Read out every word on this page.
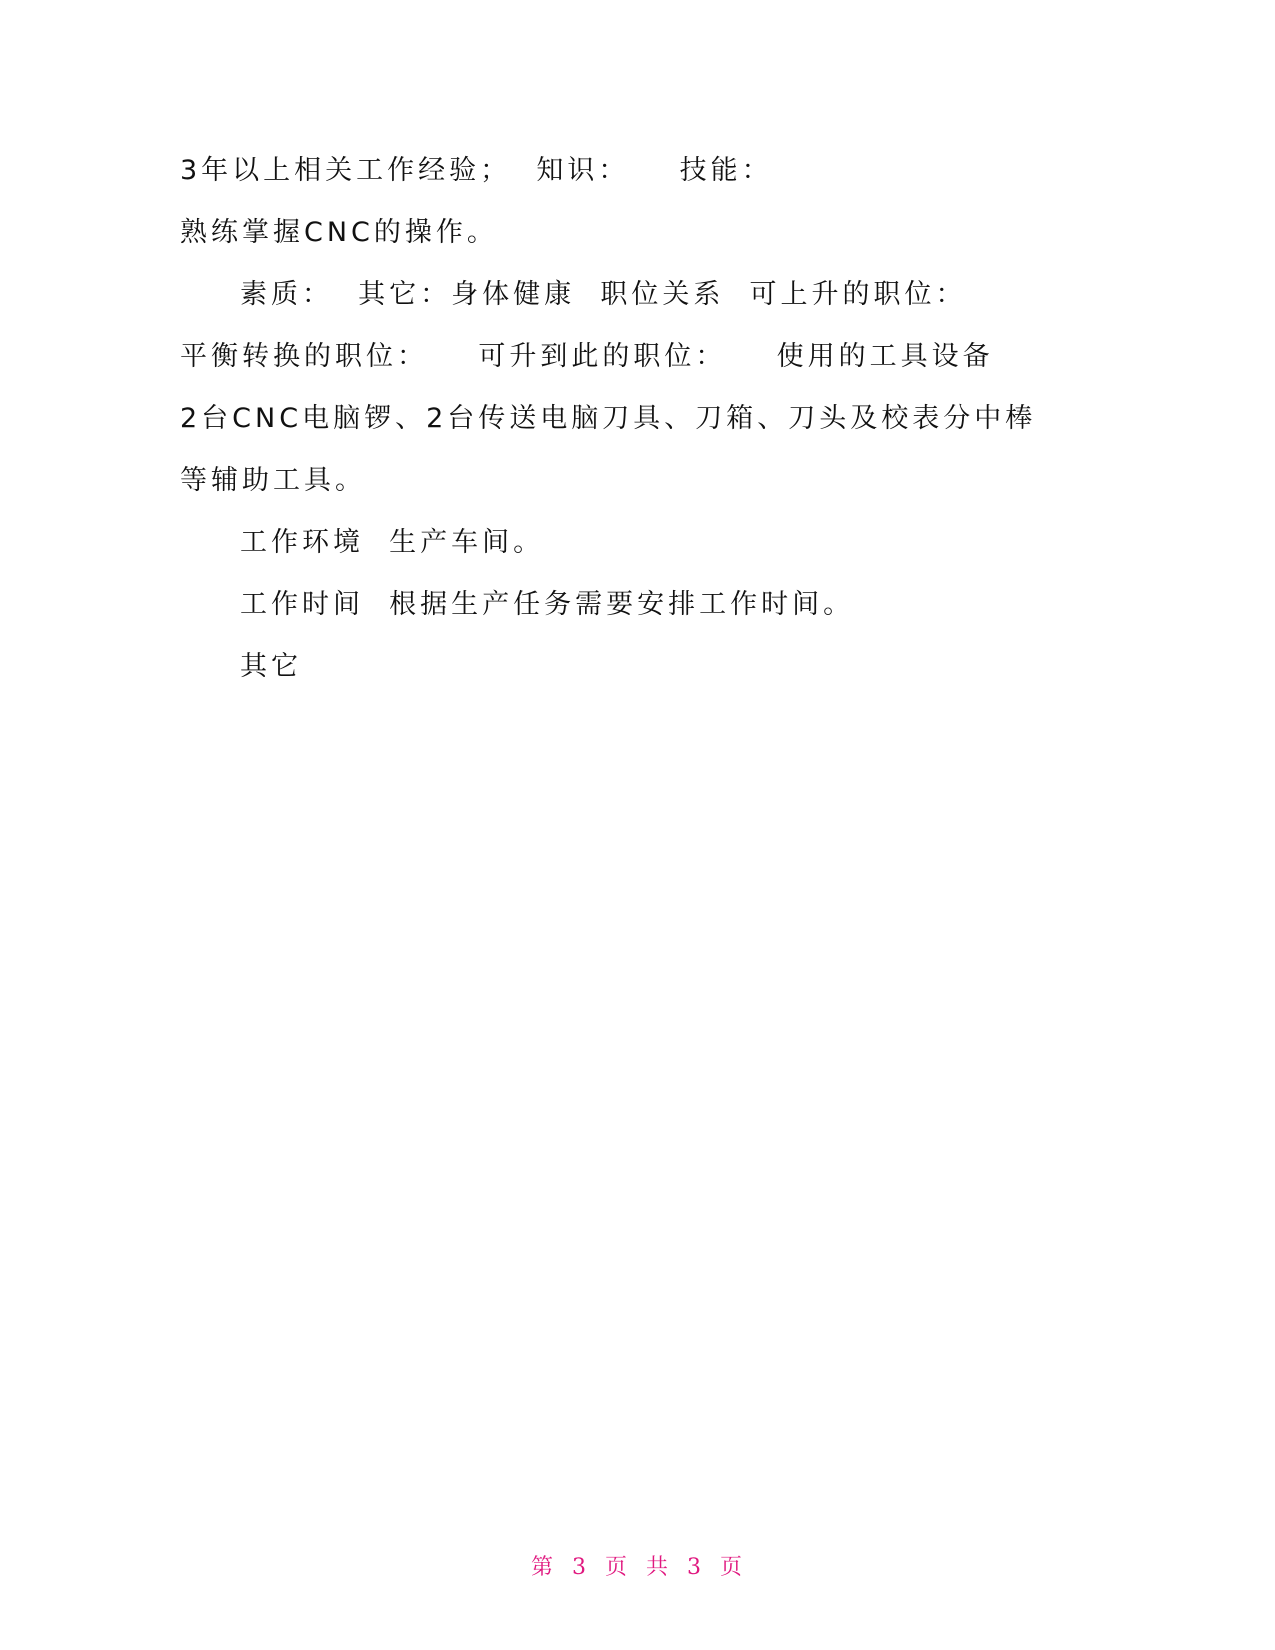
3年以上相关工作经验；  知识：    技能：
熟练掌握CNC的操作。
素质：  其它：身体健康  职位关系  可上升的职位：
平衡转换的职位：    可升到此的职位：    使用的工具设备
2台CNC电脑锣、2台传送电脑刀具、刀箱、刀头及校表分中棒
等辅助工具。
工作环境  生产车间。
工作时间  根据生产任务需要安排工作时间。
其它
第 3 页 共 3 页
